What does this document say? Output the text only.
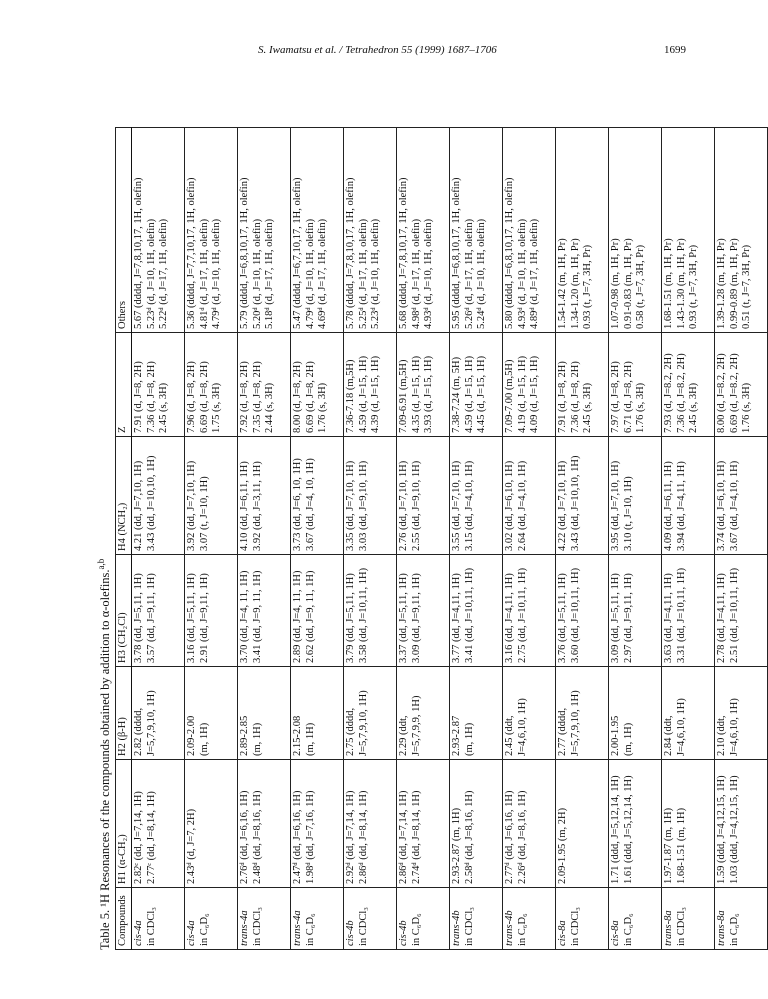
S. Iwamatsu et al. / Tetrahedron 55 (1999) 1687–1706	1699
Table 5. ¹H Resonances of the compounds obtained by addition to α-olefins.$^{a,b}$
Compounds	H1 (α-CH₂)	H2 (β-H)	H3 (CH₂Cl)	H4 (NCH₂)	Z	Others

cis-4a in CDCl₃	2.82ᶜ (dd, J=7,14, 1H) 2.77ᶜ (dd, J=8,14, 1H)	2.82 (dddd, J=5,7,9,10, 1H)	3.78 (dd, J=5,11, 1H) 3.57 (dd, J=9,11, 1H)	4.21 (dd, J=7,10, 1H) 3.43 (dd, J=10,10, 1H)	7.91 (d, J=8, 2H) 7.36 (d, J=8, 2H) 2.45 (s, 3H)	5.67 (dddd, J=7,8,10,17, 1H, olefin) 5.23ᵈ (d, J=10, 1H, olefin) 5.22ᵈ (d, J=17, 1H, olefin)

cis-4a in C₆D₆	2.43ᵈ (d, J=7, 2H)	2.09-2.00 (m, 1H)	3.16 (dd, J=5,11, 1H) 2.91 (dd, J=9,11, 1H)	3.92 (dd, J=7,10, 1H) 3.07 (t, J=10, 1H)	7.96 (d, J=8, 2H) 6.69 (d, J=8, 2H) 1.75 (s, 3H)	5.36 (dddd, J=7,7,10,17, 1H, olefin) 4.81ᵈ (d, J=17, 1H, olefin) 4.79ᵈ (d, J=10, 1H, olefin)

trans-4a in CDCl₃	2.76ᵈ (dd, J=6,16, 1H) 2.48ᵈ (dd, J=8,16, 1H)	2.89-2.85 (m, 1H)	3.70 (dd, J=4, 11, 1H) 3.41 (dd, J=9, 11, 1H)	4.10 (dd, J=6,11, 1H) 3.92 (dd, J=3,11, 1H)	7.92 (d, J=8, 2H) 7.35 (d, J=8, 2H) 2.44 (s, 3H)	5.79 (dddd, J=6,8,10,17, 1H, olefin) 5.20ᵈ (d, J=10, 1H, olefin) 5.18ᵈ (d, J=17, 1H, olefin)

trans-4a in C₆D₆	2.47ᵈ (dd, J=6,16, 1H) 1.98ᵈ (dd, J=7,16, 1H)	2.15-2.08 (m, 1H)	2.89 (dd, J=4, 11, 1H) 2.62 (dd, J=9, 11, 1H)	3.73 (dd, J=6, 10, 1H) 3.67 (dd, J=4, 10, 1H)	8.00 (d, J=8, 2H) 6.69 (d, J=8, 2H) 1.76 (s, 3H)	5.47 (dddd, J=6,7,10,17, 1H, olefin) 4.79ᵈ (d, J=10, 1H, olefin) 4.69ᵈ (d, J=17, 1H, olefin)

cis-4b in CDCl₃	2.92ᵈ (dd, J=7,14, 1H) 2.86ᵈ (dd, J=8,14, 1H)	2.75 (dddd, J=5,7,9,10, 1H)	3.79 (dd, J=5,11, 1H) 3.58 (dd, J=10,11, 1H)	3.35 (dd, J=7,10, 1H) 3.03 (dd, J=9,10, 1H)	7.36-7.18 (m,5H) 4.59 (d, J=15, 1H) 4.39 (d, J=15, 1H)	5.78 (dddd, J=7,8,10,17, 1H, olefin) 5.25ᵈ (d, J=17, 1H, olefin) 5.23ᵈ (d, J=10, 1H, olefin)

cis-4b in C₆D₆	2.86ᵈ (dd, J=7,14, 1H) 2.74ᵈ (dd, J=8,14, 1H)	2.29 (ddt, J=5,7,9,9, 1H)	3.37 (dd, J=5,11, 1H) 3.09 (dd, J=9,11, 1H)	2.76 (dd, J=7,10, 1H) 2.55 (dd, J=9,10, 1H)	7.09-6.91 (m,5H) 4.35 (d, J=15, 1H) 3.93 (d, J=15, 1H)	5.68 (dddd, J=7,8,10,17, 1H, olefin) 4.98ᵈ (d, J=17, 1H, olefin) 4.93ᵈ (d, J=10, 1H, olefin)

trans-4b in CDCl₃	2.93-2.87 (m, 1H) 2.58ᵈ (dd, J=8,16, 1H)	2.93-2.87 (m, 1H)	3.77 (dd, J=4,11, 1H) 3.41 (dd, J=10,11, 1H)	3.55 (dd, J=7,10, 1H) 3.15 (dd, J=4,10, 1H)	7.38-7.24 (m, 5H) 4.59 (d, J=15, 1H) 4.45 (d, J=15, 1H)	5.95 (dddd, J=6,8,10,17, 1H, olefin) 5.26ᵈ (d, J=17, 1H, olefin) 5.24ᵈ (d, J=10, 1H, olefin)

trans-4b in C₆D₆	2.77ᵈ (dd, J=6,16, 1H) 2.26ᵈ (dd, J=8,16, 1H)	2.45 (ddt, J=4,6,10, 1H)	3.16 (dd, J=4,11, 1H) 2.75 (dd, J=10,11, 1H)	3.02 (dd, J=6,10, 1H) 2.64 (dd, J=4,10, 1H)	7.09-7.00 (m,5H) 4.19 (d, J=15, 1H) 4.09 (d, J=15, 1H)	5.80 (dddd, J=6,8,10,17, 1H, olefin) 4.93ᵈ (d, J=10, 1H, olefin) 4.89ᵈ (d, J=17, 1H, olefin)

cis-8a in CDCl₃	2.09-1.95 (m, 2H)	2.77 (dddd, J=5,7,9,10, 1H)	3.76 (dd, J=5,11, 1H) 3.60 (dd, J=10,11, 1H)	4.22 (dd, J=7,10, 1H) 3.43 (dd, J=10,10, 1H)	7.91 (d, J=8, 2H) 7.36 (d, J=8, 2H) 2.45 (s, 3H)	1.54-1.42 (m, 1H, Pr) 1.34-1.20 (m, 1H, Pr) 0.93 (t, J=7, 3H, Pr)

cis-8a in C₆D₆	1.71 (ddd, J=5,12,14, 1H) 1.61 (ddd, J=5,12,14, 1H)	2.00-1.95 (m, 1H)	3.09 (dd, J=5,11, 1H) 2.97 (dd, J=9,11, 1H)	3.95 (dd, J=7,10, 1H) 3.10 (t, J=10, 1H)	7.97 (d, J=8, 2H) 6.71 (d, J=8, 2H) 1.76 (s, 3H)	1.07-0.98 (m, 1H, Pr) 0.91-0.83 (m, 1H, Pr) 0.58 (t, J=7, 3H, Pr)

trans-8a in CDCl₃	1.97-1.87 (m, 1H) 1.68-1.51 (m, 1H)	2.84 (ddt, J=4,6,10, 1H)	3.63 (dd, J=4,11, 1H) 3.31 (dd, J=10,11, 1H)	4.09 (dd, J=6,11, 1H) 3.94 (dd, J=4,11, 1H)	7.93 (d, J=8.2, 2H) 7.36 (d, J=8.2, 2H) 2.45 (s, 3H)	1.68-1.51 (m, 1H, Pr) 1.43-1.30 (m, 1H, Pr) 0.93 (t, J=7, 3H, Pr)

trans-8a in C₆D₆	1.59 (ddd, J=4,12,15, 1H) 1.03 (ddd, J=4,12,15, 1H)	2.10 (ddt, J=4,6,10, 1H)	2.78 (dd, J=4,11, 1H) 2.51 (dd, J=10,11, 1H)	3.74 (dd, J=6,10, 1H) 3.67 (dd, J=4,10, 1H)	8.00 (d, J=8.2, 2H) 6.69 (d, J=8.2, 2H) 1.76 (s, 3H)	1.39-1.28 (m, 1H, Pr) 0.99-0.89 (m, 1H, Pr) 0.51 (t, J=7, 3H, Pr)
